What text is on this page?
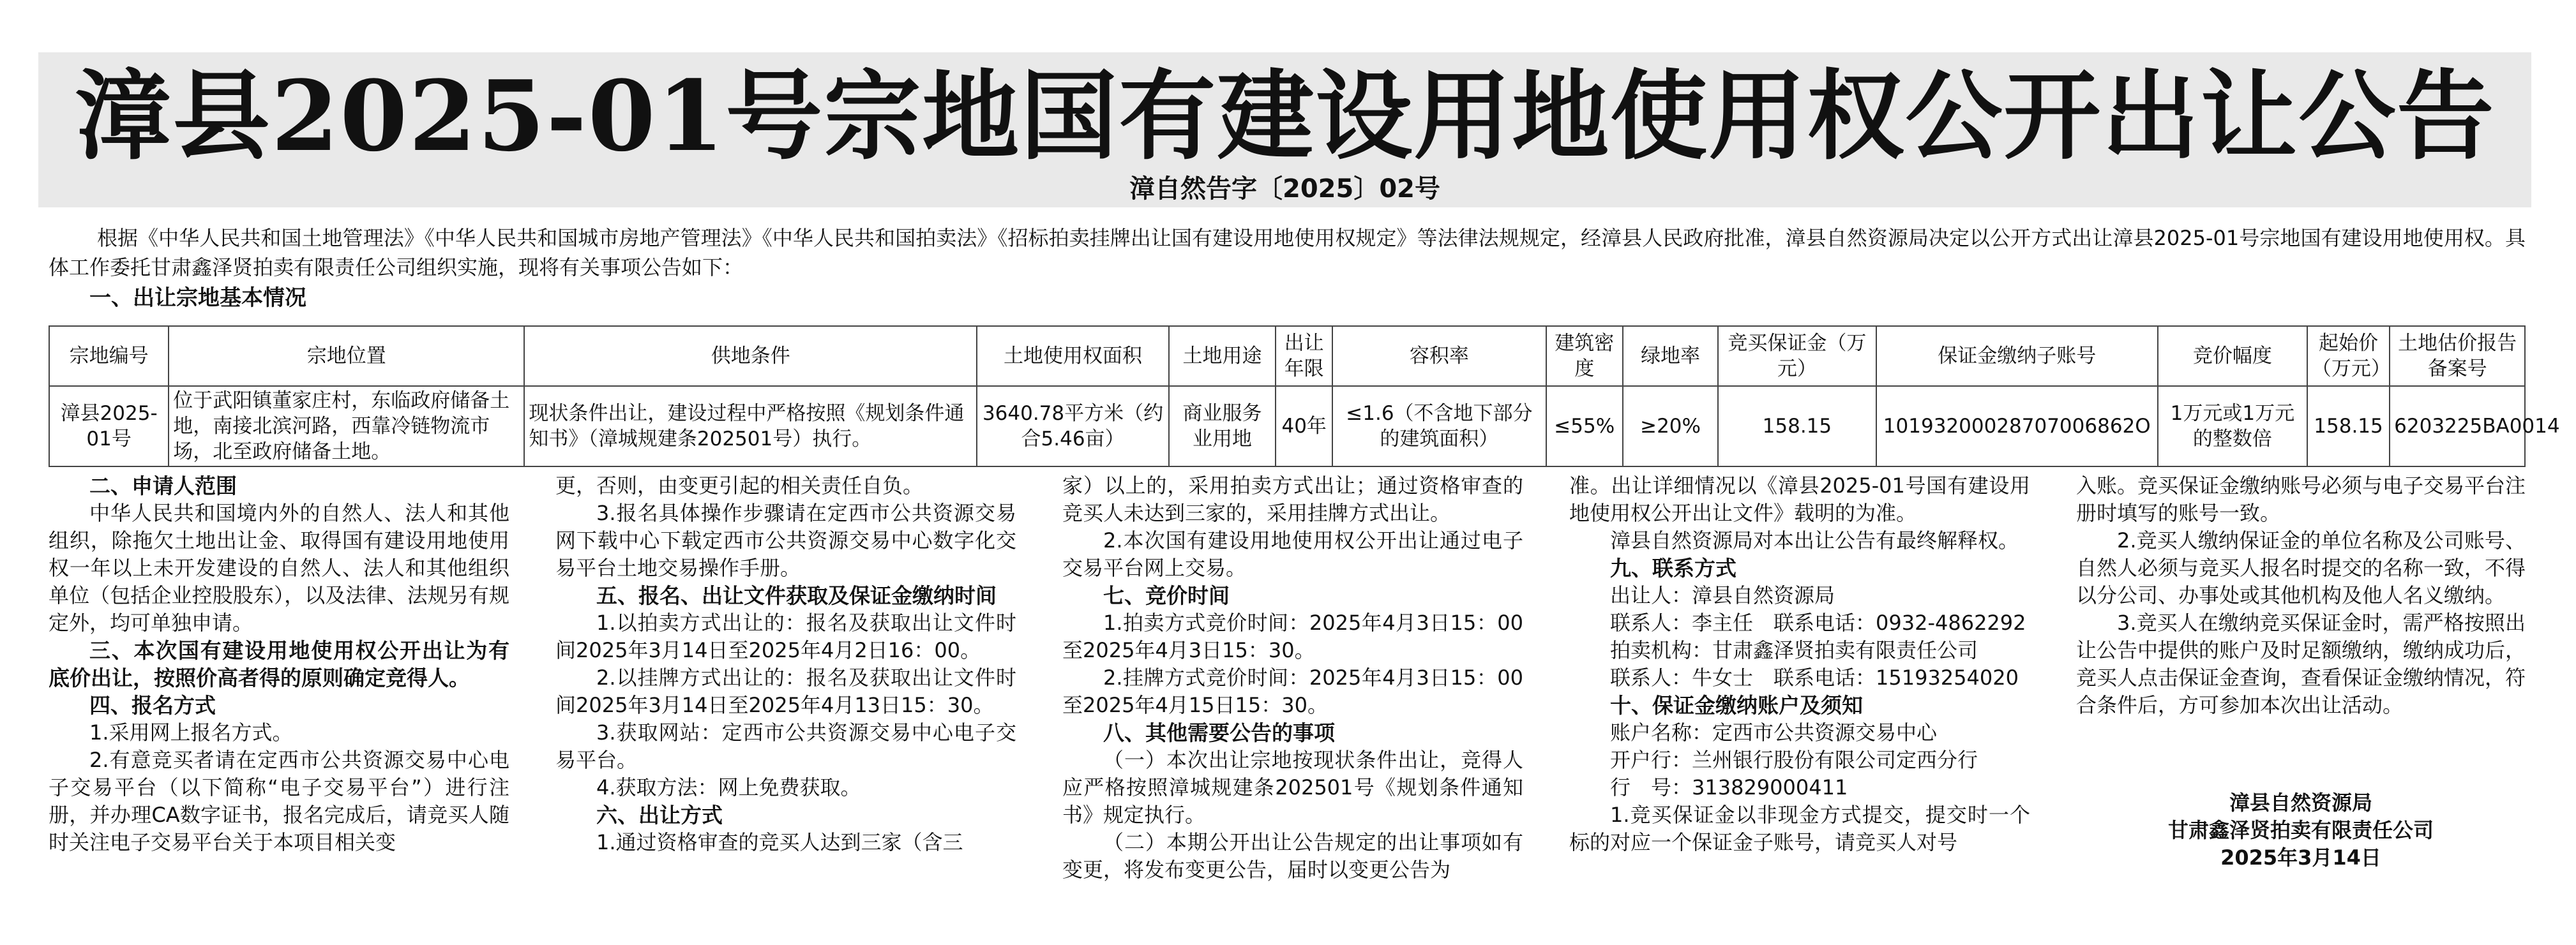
漳县2025-01号宗地国有建设用地使用权公开出让公告
漳自然告字〔2025〕02号
根据《中华人民共和国土地管理法》《中华人民共和国城市房地产管理法》《中华人民共和国拍卖法》《招标拍卖挂牌出让国有建设用地使用权规定》等法律法规规定，经漳县人民政府批准，漳县自然资源局决定以公开方式出让漳县2025-01号宗地国有建设用地使用权。具体工作委托甘肃鑫泽贤拍卖有限责任公司组织实施，现将有关事项公告如下：
一、出让宗地基本情况
宗地编号	宗地位置	供地条件	土地使用权面积	土地用途	出让年限	容积率	建筑密度	绿地率	竞买保证金（万元）	保证金缴纳子账号	竞价幅度	起始价（万元）	土地估价报告备案号
漳县2025-01号	位于武阳镇董家庄村，东临政府储备土地，南接北滨河路，西靠冷链物流市场，北至政府储备土地。	现状条件出让，建设过程中严格按照《规划条件通知书》（漳城规建条202501号）执行。	3640.78平方米（约合5.46亩）	商业服务业用地	40年	≤1.6（不含地下部分的建筑面积）	≤55%	≥20%	158.15	10193200028707006862O	1万元或1万元的整数倍	158.15	6203225BA0014

二、申请人范围

中华人民共和国境内外的自然人、法人和其他组织，除拖欠土地出让金、取得国有建设用地使用权一年以上未开发建设的自然人、法人和其他组织单位（包括企业控股股东），以及法律、法规另有规定外，均可单独申请。

三、本次国有建设用地使用权公开出让为有底价出让，按照价高者得的原则确定竞得人。

四、报名方式

1.采用网上报名方式。

2.有意竞买者请在定西市公共资源交易中心电子交易平台（以下简称“电子交易平台”）进行注册，并办理CA数字证书，报名完成后，请竞买人随时关注电子交易平台关于本项目相关变

更，否则，由变更引起的相关责任自负。

3.报名具体操作步骤请在定西市公共资源交易网下载中心下载定西市公共资源交易中心数字化交易平台土地交易操作手册。

五、报名、出让文件获取及保证金缴纳时间

1.以拍卖方式出让的：报名及获取出让文件时间2025年3月14日至2025年4月2日16：00。

2.以挂牌方式出让的：报名及获取出让文件时间2025年3月14日至2025年4月13日15：30。

3.获取网站：定西市公共资源交易中心电子交易平台。

4.获取方法：网上免费获取。

六、出让方式

1.通过资格审查的竞买人达到三家（含三

家）以上的，采用拍卖方式出让；通过资格审查的竞买人未达到三家的，采用挂牌方式出让。

2.本次国有建设用地使用权公开出让通过电子交易平台网上交易。

七、竞价时间

1.拍卖方式竞价时间：2025年4月3日15：00至2025年4月3日15：30。

2.挂牌方式竞价时间：2025年4月3日15：00至2025年4月15日15：30。

八、其他需要公告的事项

（一）本次出让宗地按现状条件出让，竞得人应严格按照漳城规建条202501号《规划条件通知书》规定执行。

（二）本期公开出让公告规定的出让事项如有变更，将发布变更公告，届时以变更公告为

准。出让详细情况以《漳县2025-01号国有建设用地使用权公开出让文件》载明的为准。

漳县自然资源局对本出让公告有最终解释权。

九、联系方式

出让人：漳县自然资源局

联系人：李主任　联系电话：0932-4862292

拍卖机构：甘肃鑫泽贤拍卖有限责任公司

联系人：牛女士　联系电话：15193254020

十、保证金缴纳账户及须知

账户名称：定西市公共资源交易中心

开户行：兰州银行股份有限公司定西分行

行　号：313829000411

1.竞买保证金以非现金方式提交，提交时一个标的对应一个保证金子账号，请竞买人对号

入账。竞买保证金缴纳账号必须与电子交易平台注册时填写的账号一致。

2.竞买人缴纳保证金的单位名称及公司账号、自然人必须与竞买人报名时提交的名称一致，不得以分公司、办事处或其他机构及他人名义缴纳。

3.竞买人在缴纳竞买保证金时，需严格按照出让公告中提供的账户及时足额缴纳，缴纳成功后，竞买人点击保证金查询，查看保证金缴纳情况，符合条件后，方可参加本次出让活动。

漳县自然资源局

甘肃鑫泽贤拍卖有限责任公司

2025年3月14日
